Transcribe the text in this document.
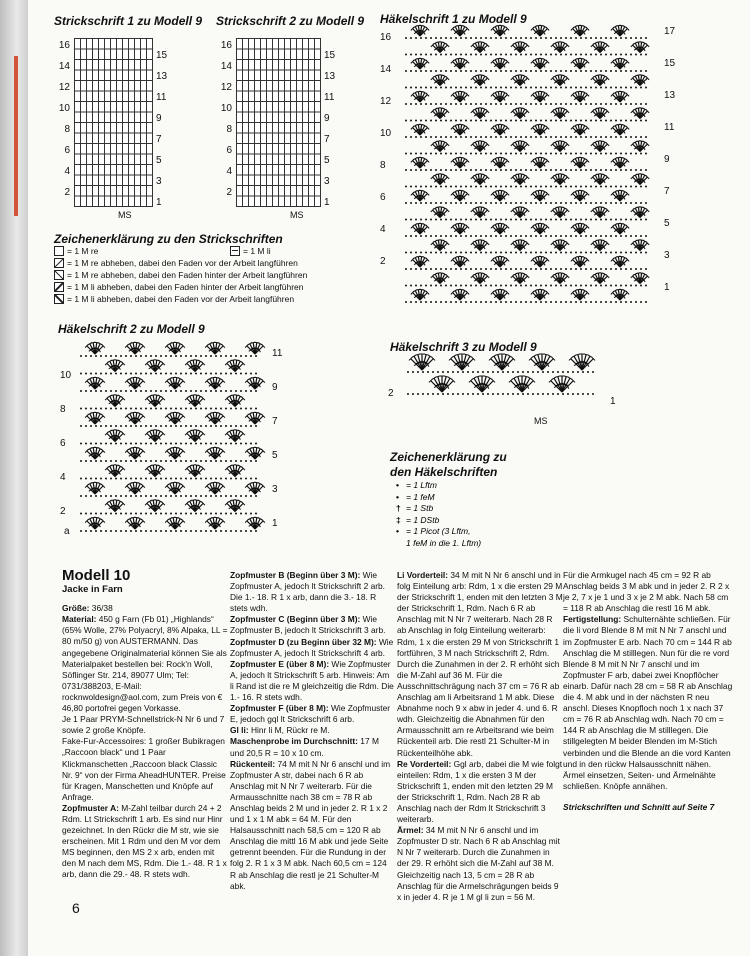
Strickschrift 1 zu Modell 9
16
14
12
10
8
6
4
2
15
13
11
9
7
5
3
1
MS
Strickschrift 2 zu Modell 9
16
14
12
10
8
6
4
2
15
13
11
9
7
5
3
1
MS
Zeichenerklärung zu den Strickschriften
= 1 M re	= 1 M li
= 1 M re abheben, dabei den Faden vor der Arbeit langführen
= 1 M re abheben, dabei den Faden hinter der Arbeit langführen
= 1 M li abheben, dabei den Faden hinter der Arbeit langführen
= 1 M li abheben, dabei den Faden vor der Arbeit langführen
Häkelschrift 1 zu Modell 9
16
14
12
10
8
6
4
2
17
15
13
11
9
7
5
3
1
Häkelschrift 2 zu Modell 9
10
8
6
4
2
11
9
7
5
3
1
a
Häkelschrift 3 zu Modell 9
2
1
MS
Zeichenerklärung zu
den Häkelschriften
• = 1 Lftm
• = 1 feM
† = 1 Stb
‡ = 1 DStb
• = 1 Picot (3 Lftm,
1 feM in die 1. Lftm)
Modell 10
Jacke in Farn
Größe: 36/38
Material: 450 g Farn (Fb 01) „Highlands“ (65% Wolle, 27% Polyacryl, 8% Alpaka, LL = 80 m/50 g) von AUSTERMANN. Das angegebene Originalmaterial können Sie als Materialpaket bestellen bei: Rock'n Woll, Söflinger Str. 214, 89077 Ulm; Tel: 0731/388203, E-Mail: rocknwoldesign@aol.com, zum Preis von € 46,80 portofrei gegen Vorkasse.
Je 1 Paar PRYM-Schnellstrick-N Nr 6 und 7 sowie 2 große Knöpfe.
Fake-Fur-Accessoires: 1 großer Bubikragen „Raccoon black“ und 1 Paar Klickmanschetten „Raccoon black Classic Nr. 9“ von der Firma AheadHUNTER. Preise für Kragen, Manschetten und Knöpfe auf Anfrage.
Zopfmuster A: M-Zahl teilbar durch 24 + 2 Rdm. Lt Strickschrift 1 arb. Es sind nur Hinr gezeichnet. In den Rückr die M str, wie sie erscheinen. Mit 1 Rdm und den M vor dem MS beginnen, den MS 2 x arb, enden mit den M nach dem MS, Rdm. Die 1.- 48. R 1 x arb, dann die 29.- 48. R stets wdh.
Zopfmuster B (Beginn über 3 M): Wie Zopfmuster A, jedoch lt Strickschrift 2 arb. Die 1.- 18. R 1 x arb, dann die 3.- 18. R stets wdh.
Zopfmuster C (Beginn über 3 M): Wie Zopfmuster B, jedoch lt Strickschrift 3 arb.
Zopfmuster D (zu Beginn über 32 M): Wie Zopfmuster A, jedoch lt Strickschrift 4 arb.
Zopfmuster E (über 8 M): Wie Zopfmuster A, jedoch lt Strickschrift 5 arb. Hinweis: Am li Rand ist die re M gleichzeitig die Rdm. Die 1.- 16. R stets wdh.
Zopfmuster F (über 8 M): Wie Zopfmuster E, jedoch gql lt Strickschrift 6 arb.
Gl li: Hinr li M, Rückr re M.
Maschenprobe im Durchschnitt: 17 M und 20,5 R = 10 x 10 cm.
Rückenteil: 74 M mit N Nr 6 anschl und im Zopfmuster A str, dabei nach 6 R ab Anschlag mit N Nr 7 weiterarb. Für die Armausschnitte nach 38 cm = 78 R ab Anschlag beids 2 M und in jeder 2. R 1 x 2 und 1 x 1 M abk = 64 M. Für den Halsausschnitt nach 58,5 cm = 120 R ab Anschlag die mittl 16 M abk und jede Seite getrennt beenden. Für die Rundung in der folg 2. R 1 x 3 M abk. Nach 60,5 cm = 124 R ab Anschlag die restl je 21 Schulter-M abk.
Li Vorderteil: 34 M mit N Nr 6 anschl und in folg Einteilung arb: Rdm, 1 x die ersten 29 M der Strickschrift 1, enden mit den letzten 3 M der Strickschrift 1, Rdm. Nach 6 R ab Anschlag mit N Nr 7 weiterarb. Nach 28 R ab Anschlag in folg Einteilung weiterarb: Rdm, 1 x die ersten 29 M von Strickschrift 1 fortführen, 3 M nach Strickschrift 2, Rdm. Durch die Zunahmen in der 2. R erhöht sich die M-Zahl auf 36 M. Für die Ausschnittschrägung nach 37 cm = 76 R ab Anschlag am li Arbeitsrand 1 M abk. Diese Abnahme noch 9 x abw in jeder 4. und 6. R wdh. Gleichzeitig die Abnahmen für den Armausschnitt am re Arbeitsrand wie beim Rückenteil arb. Die restl 21 Schulter-M in Rückenteilhöhe abk.
Re Vorderteil: Ggl arb, dabei die M wie folgt einteilen: Rdm, 1 x die ersten 3 M der Strickschrift 1, enden mit den letzten 29 M der Strickschrift 1, Rdm. Nach 28 R ab Anschlag nach der Rdm lt Strickschrift 3 weiterarb.
Ärmel: 34 M mit N Nr 6 anschl und im Zopfmuster D str. Nach 6 R ab Anschlag mit N Nr 7 weiterarb. Durch die Zunahmen in der 29. R erhöht sich die M-Zahl auf 38 M. Gleichzeitig nach 13, 5 cm = 28 R ab Anschlag für die Armelschrägungen beids 9 x in jeder 4. R je 1 M gl li zun = 56 M.
Für die Armkugel nach 45 cm = 92 R ab Anschlag beids 3 M abk und in jeder 2. R 2 x je 2, 7 x je 1 und 3 x je 2 M abk. Nach 58 cm = 118 R ab Anschlag die restl 16 M abk.
Fertigstellung: Schulternähte schließen. Für die li vord Blende 8 M mit N Nr 7 anschl und im Zopfmuster E arb. Nach 70 cm = 144 R ab Anschlag die M stilllegen. Nun für die re vord Blende 8 M mit N Nr 7 anschl und im Zopfmuster F arb, dabei zwei Knopflöcher einarb. Dafür nach 28 cm = 58 R ab Anschlag die 4. M abk und in der nächsten R neu anschl. Dieses Knopfloch noch 1 x nach 37 cm = 76 R ab Anschlag wdh. Nach 70 cm = 144 R ab Anschlag die M stilllegen. Die stillgelegten M beider Blenden im M-Stich verbinden und die Blende an die vord Kanten und in den rückw Halsausschnitt nähen. Ärmel einsetzen, Seiten- und Ärmelnähte schließen. Knöpfe annähen.
Strickschriften und Schnitt auf Seite 7
6
